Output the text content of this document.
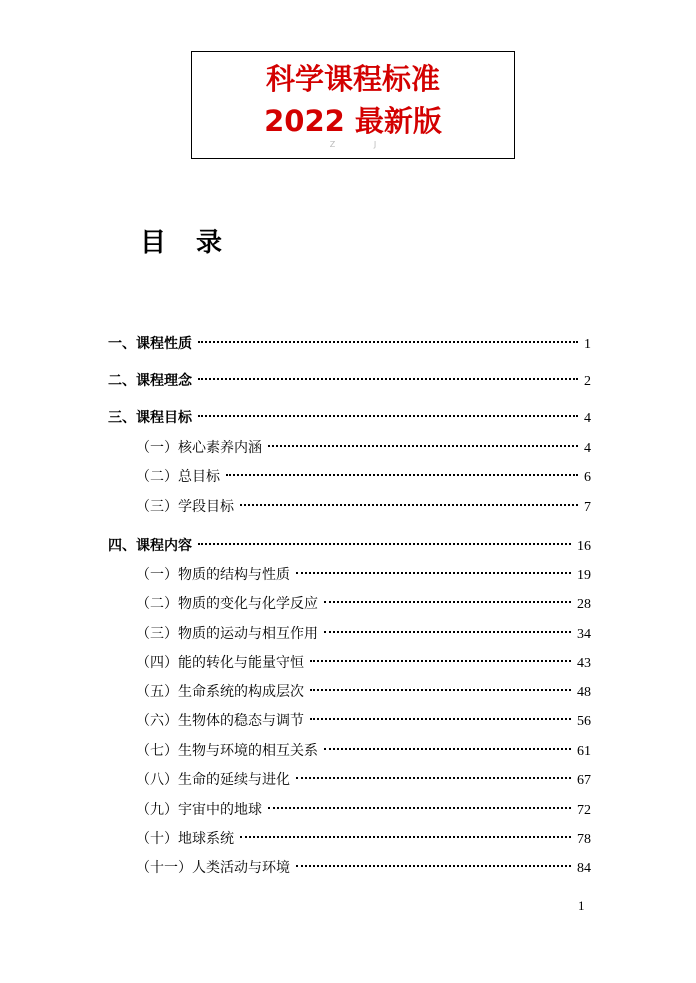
科学课程标准
2022 最新版
Z J
目录
一、课程性质	1
二、课程理念	2
三、课程目标	4
（一）核心素养内涵	4
（二）总目标	6
（三）学段目标	7
四、课程内容	16
（一）物质的结构与性质	19
（二）物质的变化与化学反应	28
（三）物质的运动与相互作用	34
（四）能的转化与能量守恒	43
（五）生命系统的构成层次	48
（六）生物体的稳态与调节	56
（七）生物与环境的相互关系	61
（八）生命的延续与进化	67
（九）宇宙中的地球	72
（十）地球系统	78
（十一）人类活动与环境	84
1
